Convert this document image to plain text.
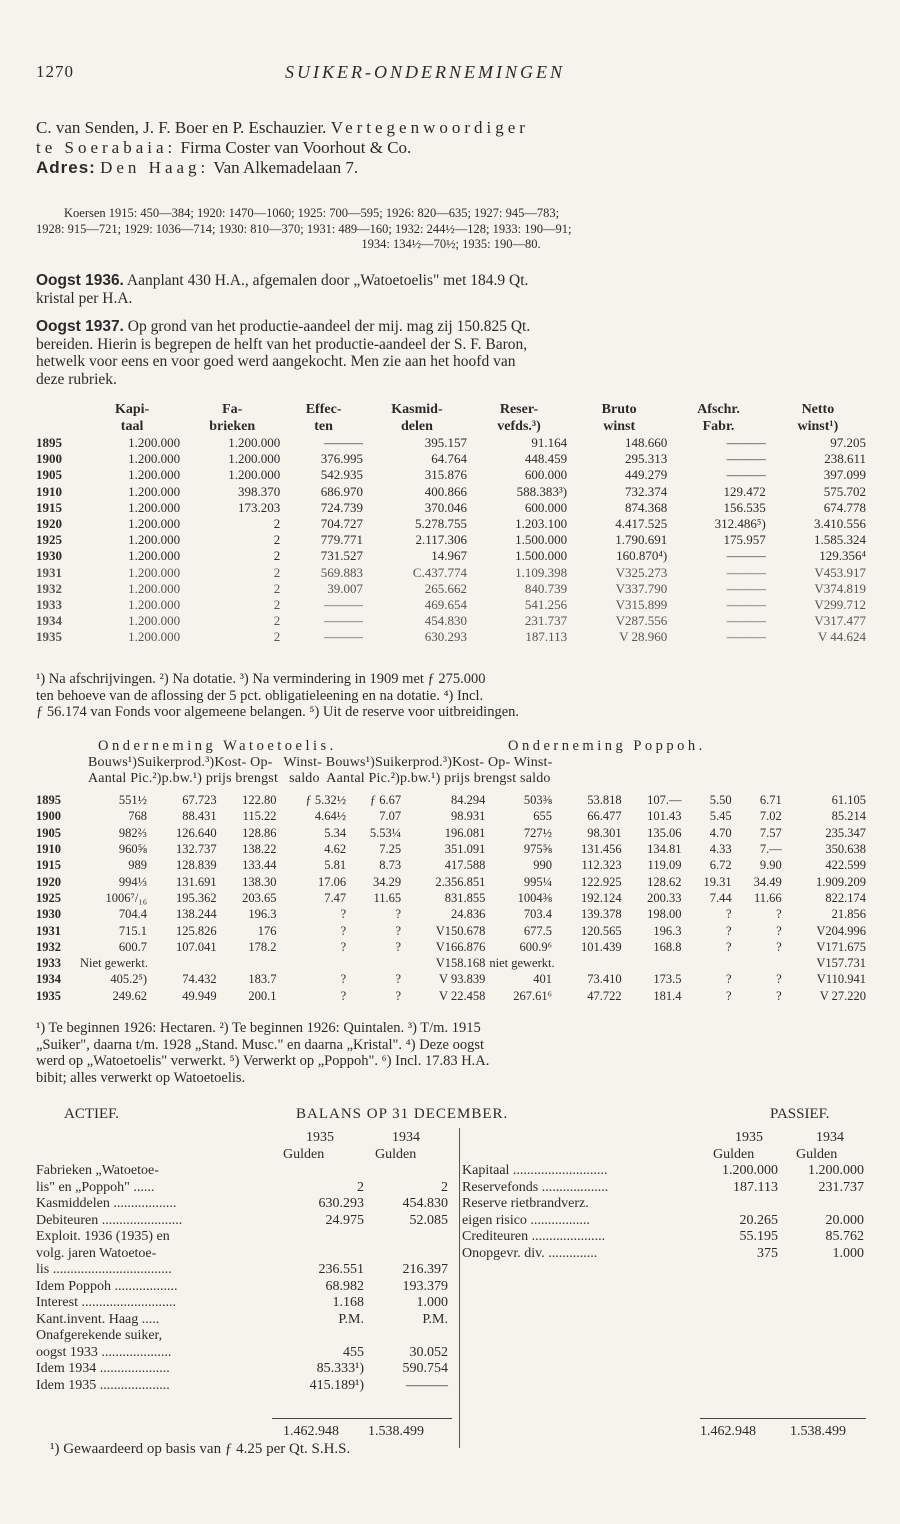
1270	SUIKER-ONDERNEMINGEN
C. van Senden, J. F. Boer en P. Eschauzier. Vertegenwoordiger
te Soerabaia: Firma Coster van Voorhout & Co.
Adres: Den Haag: Van Alkemadelaan 7.
Koersen 1915: 450—384; 1920: 1470—1060; 1925: 700—595; 1926: 820—635; 1927: 945—783;
1928: 915—721; 1929: 1036—714; 1930: 810—370; 1931: 489—160; 1932: 244½—128; 1933: 190—91;
1934: 134½—70½; 1935: 190—80.
Oogst 1936. Aanplant 430 H.A., afgemalen door „Watoetoelis" met 184.9 Qt.
kristal per H.A.
Oogst 1937. Op grond van het productie-aandeel der mij. mag zij 150.825 Qt.
bereiden. Hierin is begrepen de helft van het productie-aandeel der S. F. Baron,
hetwelk voor eens en voor goed werd aangekocht. Men zie aan het hoofd van
deze rubriek.
	Kapi-	Fa-	Effec-	Kasmid-	Reser-	Bruto	Afschr.	Netto
	taal	brieken	ten	delen	vefds.³)	winst	Fabr.	winst¹)
1895	1.200.000	1.200.000	———	395.157	91.164	148.660	———	97.205
1900	1.200.000	1.200.000	376.995	64.764	448.459	295.313	———	238.611
1905	1.200.000	1.200.000	542.935	315.876	600.000	449.279	———	397.099
1910	1.200.000	398.370	686.970	400.866	588.383³)	732.374	129.472	575.702
1915	1.200.000	173.203	724.739	370.046	600.000	874.368	156.535	674.778
1920	1.200.000	2	704.727	5.278.755	1.203.100	4.417.525	312.486⁵)	3.410.556
1925	1.200.000	2	779.771	2.117.306	1.500.000	1.790.691	175.957	1.585.324
1930	1.200.000	2	731.527	14.967	1.500.000	160.870⁴)	———	129.356⁴
1931	1.200.000	2	569.883	C.437.774	1.109.398	V325.273	———	V453.917
1932	1.200.000	2	39.007	265.662	840.739	V337.790	———	V374.819
1933	1.200.000	2	———	469.654	541.256	V315.899	———	V299.712
1934	1.200.000	2	———	454.830	231.737	V287.556	———	V317.477
1935	1.200.000	2	———	630.293	187.113	V 28.960	———	V 44.624
¹) Na afschrijvingen. ²) Na dotatie. ³) Na vermindering in 1909 met ƒ 275.000
ten behoeve van de aflossing der 5 pct. obligatieleening en na dotatie. ⁴) Incl.
ƒ 56.174 van Fonds voor algemeene belangen. ⁵) Uit de reserve voor uitbreidingen.
Onderneming Watoetoelis.	Onderneming Poppoh.
Bouws¹)Suikerprod.³)Kost- Op-   Winst- Bouws¹)Suikerprod.³)Kost- Op- Winst-
Aantal Pic.²)p.bw.¹) prijs brengst   saldo  Aantal Pic.²)p.bw.¹) prijs brengst saldo
1895	551½	67.723	122.80	ƒ 5.32½	ƒ 6.67	84.294	503⅜	53.818	107.—	5.50	6.71	61.105
1900	768	88.431	115.22	4.64½	7.07	98.931	655	66.477	101.43	5.45	7.02	85.214
1905	982⅔	126.640	128.86	5.34	5.53¼	196.081	727½	98.301	135.06	4.70	7.57	235.347
1910	960⅝	132.737	138.22	4.62	7.25	351.091	975⅝	131.456	134.81	4.33	7.—	350.638
1915	989	128.839	133.44	5.81	8.73	417.588	990	112.323	119.09	6.72	9.90	422.599
1920	994⅓	131.691	138.30	17.06	34.29	2.356.851	995¼	122.925	128.62	19.31	34.49	1.909.209
1925	1006⁷/₁₆	195.362	203.65	7.47	11.65	831.855	1004⅜	192.124	200.33	7.44	11.66	822.174
1930	704.4	138.244	196.3	?	?	24.836	703.4	139.378	198.00	?	?	21.856
1931	715.1	125.826	176	?	?	V150.678	677.5	120.565	196.3	?	?	V204.996
1932	600.7	107.041	178.2	?	?	V166.876	600.9⁶	101.439	168.8	?	?	V171.675
1933	Niet gewerkt.					V158.168	niet gewerkt.					V157.731
1934	405.2⁵)	74.432	183.7	?	?	V 93.839	401	73.410	173.5	?	?	V110.941
1935	249.62	49.949	200.1	?	?	V 22.458	267.61⁶	47.722	181.4	?	?	V 27.220
¹) Te beginnen 1926: Hectaren. ²) Te beginnen 1926: Quintalen. ³) T/m. 1915
„Suiker", daarna t/m. 1928 „Stand. Musc." en daarna „Kristal". ⁴) Deze oogst
werd op „Watoetoelis" verwerkt. ⁵) Verwerkt op „Poppoh". ⁶) Incl. 17.83 H.A.
bibit; alles verwerkt op Watoetoelis.
ACTIEF.	BALANS OP 31 DECEMBER.	PASSIEF.
1935	1934
Gulden	Gulden
1935	1934
Gulden	Gulden
Fabrieken „Watoetoe-		
lis" en „Poppoh" ......	2	2
Kasmiddelen ..................	630.293	454.830
Debiteuren .......................	24.975	52.085
Exploit. 1936 (1935) en		
volg. jaren Watoetoe-		
lis ..................................	236.551	216.397
Idem Poppoh ..................	68.982	193.379
Interest ...........................	1.168	1.000
Kant.invent. Haag .....	P.M.	P.M.
Onafgerekende suiker,		
oogst 1933 ....................	455	30.052
Idem 1934 ....................	85.333¹)	590.754
Idem 1935 ....................	415.189¹)	———
Kapitaal ...........................	1.200.000	1.200.000
Reservefonds ...................	187.113	231.737
Reserve rietbrandverz.		
eigen risico .................	20.265	20.000
Crediteuren .....................	55.195	85.762
Onopgevr. div. ..............	375	1.000
1.462.948 1.538.499	1.462.948 1.538.499
¹) Gewaardeerd op basis van ƒ 4.25 per Qt. S.H.S.
